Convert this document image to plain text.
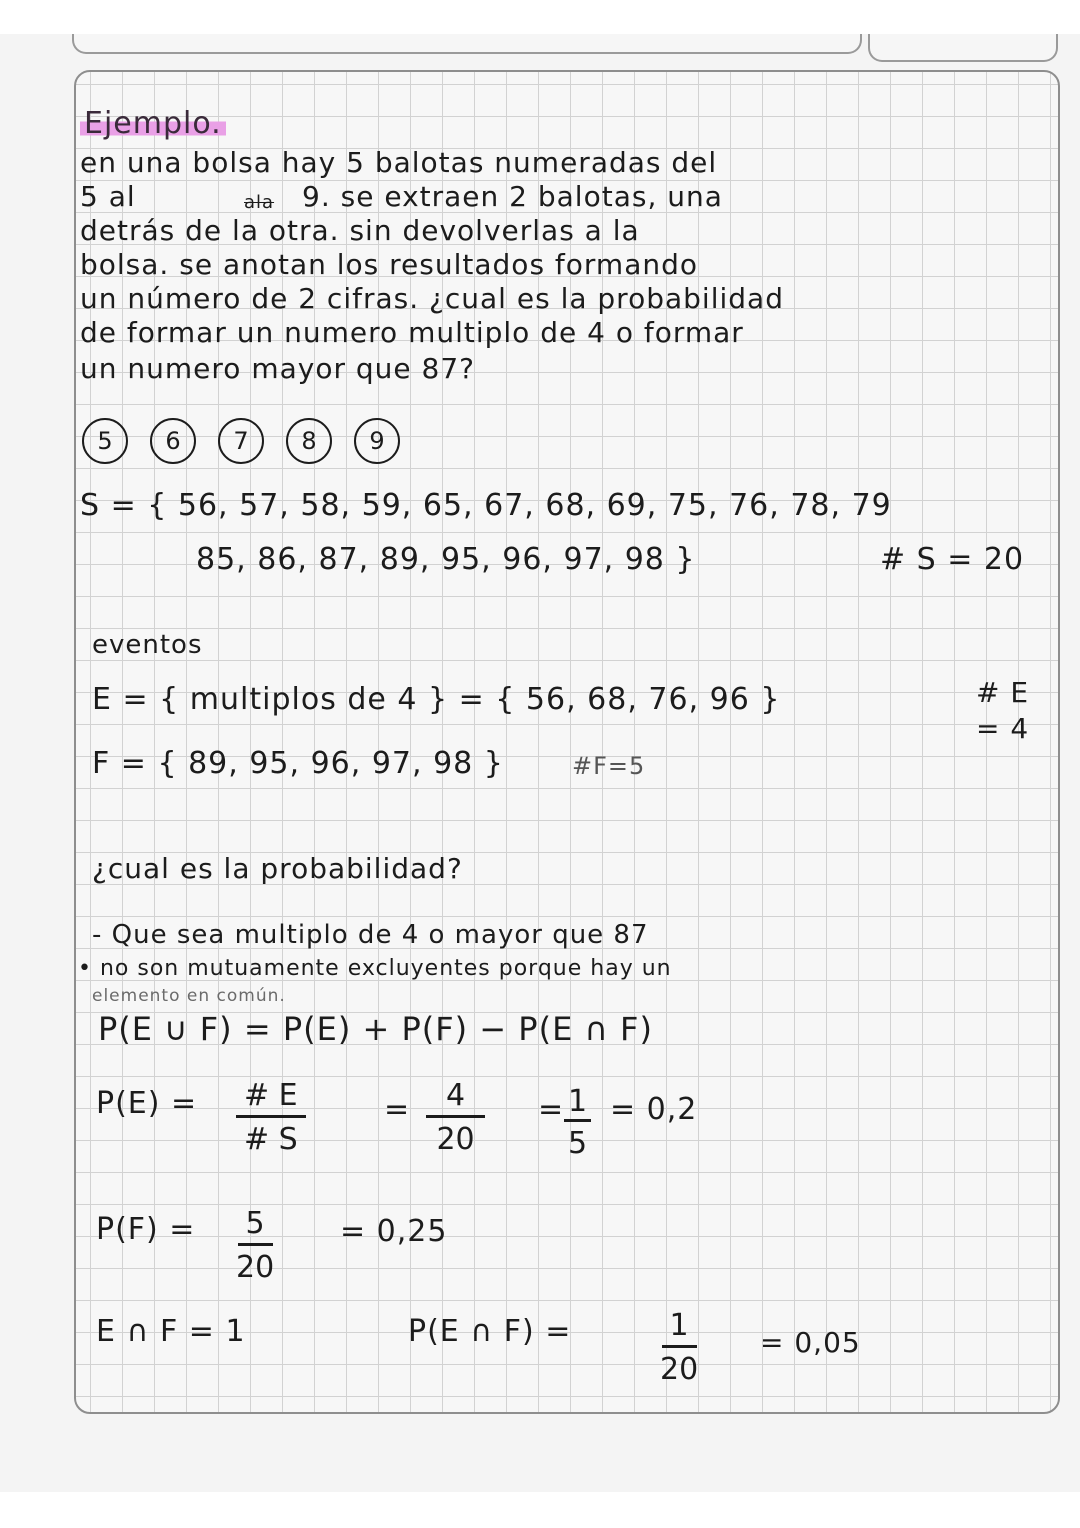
Ejemplo.
en una bolsa hay 5 balotas numeradas del
5 al	ala 9. se extraen 2 balotas, una
detrás de la otra. sin devolverlas a la
bolsa. se anotan los resultados formando
un número de 2 cifras. ¿cual es la probabilidad
de formar un numero multiplo de 4 o formar
un numero mayor que 87?
5	6	7	8	9
S = { 56, 57, 58, 59, 65, 67, 68, 69, 75, 76, 78, 79
85, 86, 87, 89, 95, 96, 97, 98 }	# S = 20
eventos
E = { multiplos de 4 } = { 56, 68, 76, 96 }	# E
= 4
F = { 89, 95, 96, 97, 98 }	#F=5
¿cual es la probabilidad?
- Que sea multiplo de 4 o mayor que 87
• no son mutuamente excluyentes porque hay un
elemento en común.
P(E ∪ F) = P(E) + P(F) − P(E ∩ F)
$P(E) = \frac{\# E}{\# S}$	= $\frac{4}{20} = \frac{1}{5} = 0,2$
$P(F) = \frac{5}{20} = 0,25$
E ∩ F = 1	P(E ∩ F) =	$\frac{1}{20} = 0,05$
